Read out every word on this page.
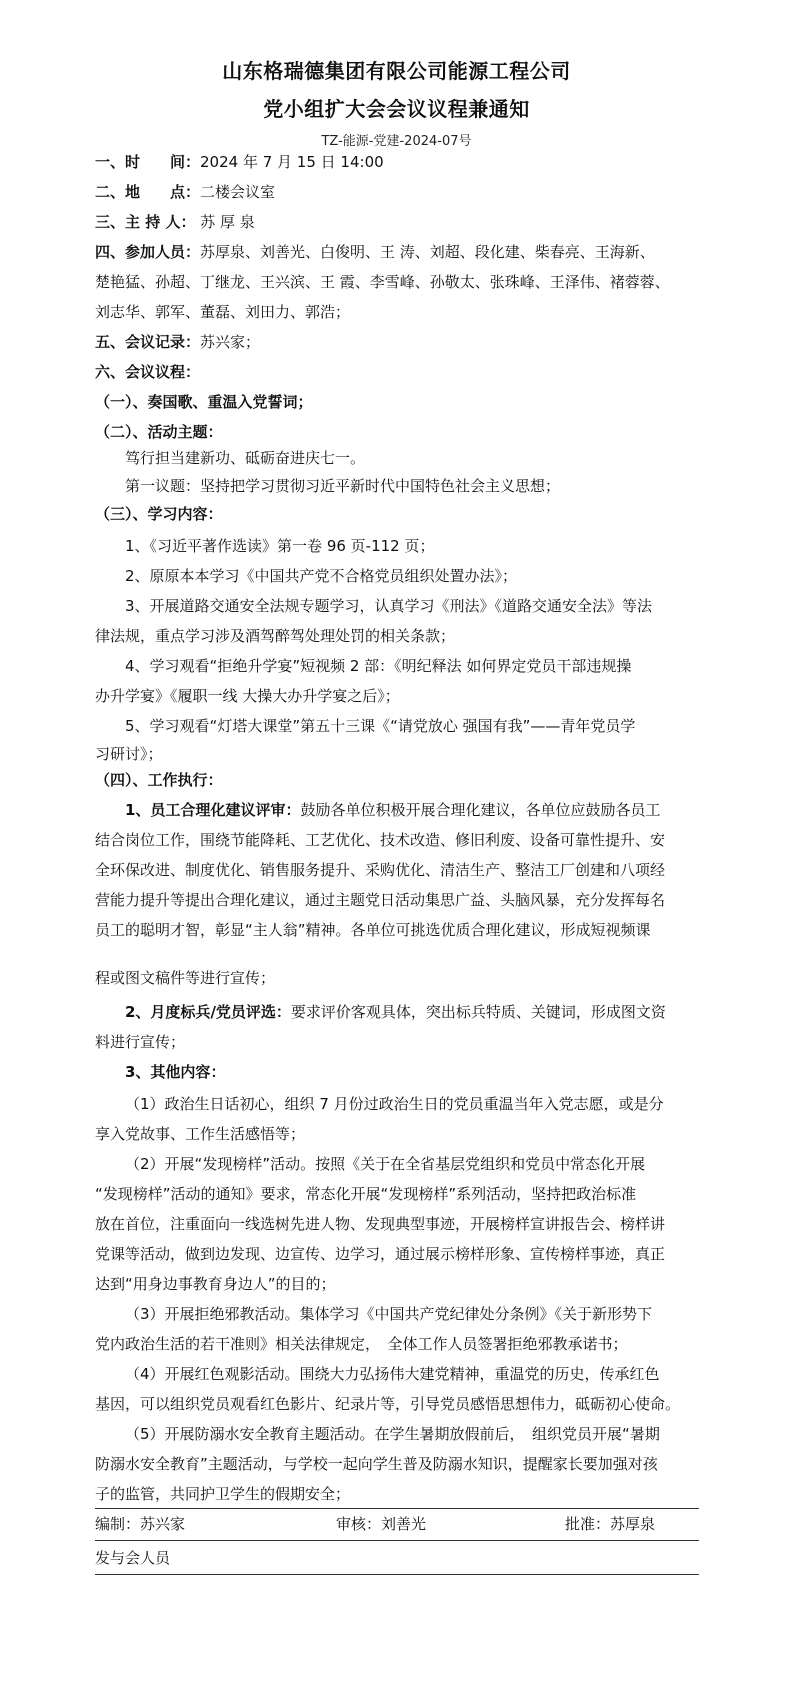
山东格瑞德集团有限公司能源工程公司
党小组扩大会会议议程兼通知
TZ-能源-党建-2024-07号
一、时　　间：2024 年 7 月 15 日 14:00
二、地　　点：二楼会议室
三、主 持 人： 苏 厚 泉
四、参加人员：苏厚泉、刘善光、白俊明、王 涛、刘超、段化建、柴春亮、王海新、
楚艳猛、孙超、丁继龙、王兴滨、王 霞、李雪峰、孙敬太、张珠峰、王泽伟、褚蓉蓉、
刘志华、郭军、董磊、刘田力、郭浩；
五、会议记录：苏兴家；
六、会议议程：
（一）、奏国歌、重温入党誓词；
（二）、活动主题：
笃行担当建新功、砥砺奋进庆七一。
第一议题：坚持把学习贯彻习近平新时代中国特色社会主义思想；
（三）、学习内容：
1、《习近平著作选读》第一卷 96 页-112 页；
2、原原本本学习《中国共产党不合格党员组织处置办法》；
3、开展道路交通安全法规专题学习，认真学习《刑法》《道路交通安全法》等法
律法规，重点学习涉及酒驾醉驾处理处罚的相关条款；
4、学习观看“拒绝升学宴”短视频 2 部：《明纪释法 如何界定党员干部违规操
办升学宴》《履职一线 大操大办升学宴之后》；
5、学习观看“灯塔大课堂”第五十三课《“请党放心 强国有我”——青年党员学
习研讨》；
（四）、工作执行：
1、员工合理化建议评审：鼓励各单位积极开展合理化建议，各单位应鼓励各员工
结合岗位工作，围绕节能降耗、工艺优化、技术改造、修旧利废、设备可靠性提升、安
全环保改进、制度优化、销售服务提升、采购优化、清洁生产、整洁工厂创建和八项经
营能力提升等提出合理化建议，通过主题党日活动集思广益、头脑风暴，充分发挥每名
员工的聪明才智，彰显“主人翁”精神。各单位可挑选优质合理化建议，形成短视频课
程或图文稿件等进行宣传；
2、月度标兵/党员评选：要求评价客观具体，突出标兵特质、关键词，形成图文资
料进行宣传；
3、其他内容：
（1）政治生日话初心，组织 7 月份过政治生日的党员重温当年入党志愿，或是分
享入党故事、工作生活感悟等；
（2）开展“发现榜样”活动。按照《关于在全省基层党组织和党员中常态化开展
“发现榜样”活动的通知》要求，常态化开展“发现榜样”系列活动，坚持把政治标准
放在首位，注重面向一线选树先进人物、发现典型事迹，开展榜样宣讲报告会、榜样讲
党课等活动，做到边发现、边宣传、边学习，通过展示榜样形象、宣传榜样事迹，真正
达到“用身边事教育身边人”的目的；
（3）开展拒绝邪教活动。集体学习《中国共产党纪律处分条例》《关于新形势下
党内政治生活的若干准则》相关法律规定，　全体工作人员签署拒绝邪教承诺书；
（4）开展红色观影活动。围绕大力弘扬伟大建党精神，重温党的历史，传承红色
基因，可以组织党员观看红色影片、纪录片等，引导党员感悟思想伟力，砥砺初心使命。
（5）开展防溺水安全教育主题活动。在学生暑期放假前后，　组织党员开展“暑期
防溺水安全教育”主题活动，与学校一起向学生普及防溺水知识，提醒家长要加强对孩
子的监管，共同护卫学生的假期安全；
编制：苏兴家	审核：刘善光	批准：苏厚泉
发与会人员
